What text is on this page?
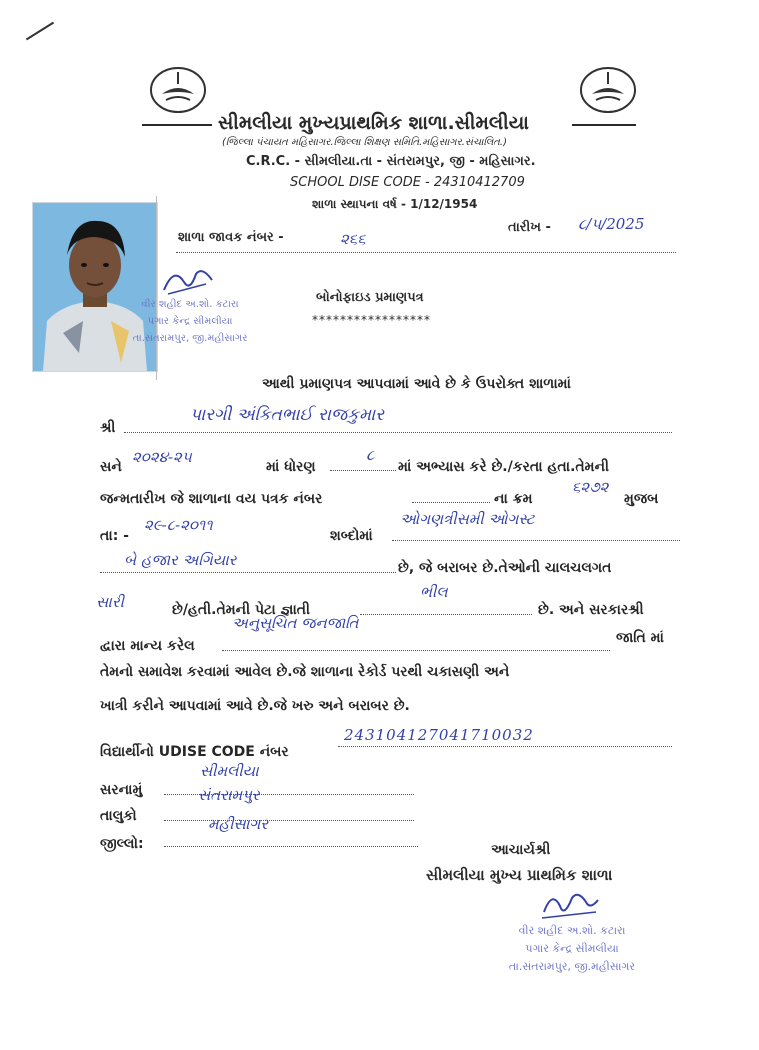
સીમલીયા મુખ્યપ્રાથમિક શાળા.સીમલીયા
(જિલ્લા પંચાયત મહિસાગર.જિલ્લા શિક્ષણ સમિતિ.મહિસાગર.સંચાલિત.)
C.R.C. - સીમલીયા.તા - સંતરામપુર, જી - મહિસાગર.
SCHOOL DISE CODE - 24310412709
શાળા સ્થાપના વર્ષ - 1/12/1954
શાળા જાવક નંબર -	૨૬૬
તારીખ - ૮/૫/2025
વીર શહીદ અ.શો. કટારા
પગાર કેન્દ્ર સીમલીયા
તા.સંતરામપુર, જી.મહીસાગર
બોનોફાઇડ પ્રમાણપત્ર
*****************
આથી પ્રમાણપત્ર આપવામાં આવે છે કે ઉપરોક્ત શાળામાં
શ્રી
પારગી અંકિતભાઈ રાજકુમાર
સને
૨૦૨૪-૨૫
માં ધોરણ
૮
માં અભ્યાસ કરે છે./કરતા હતા.તેમની
જન્મતારીખ જે શાળાના વય પત્રક નંબર	ના ક્રમ
૬૨૭૨
મુજબ
તા: -
૨૯-૮-૨૦૧૧
શબ્દોમાં
ઓગણત્રીસમી ઓગસ્ટ
બે હજાર અગિયાર	છે, જે બરાબર છે.તેઓની ચાલચલગત
સારી	છે/હતી.તેમની પેટા જ્ઞાતી
ભીલ
છે. અને સરકારશ્રી
દ્વારા માન્ય કરેલ
અનુસૂચિત જનજાતિ
જાતિ માં
તેમનો સમાવેશ કરવામાં આવેલ છે.જે શાળાના રેકોર્ડ પરથી ચકાસણી અને
ખાત્રી કરીને આપવામાં આવે છે.જે ખરુ અને બરાબર છે.
વિદ્યાર્થીનો UDISE CODE નંબર
243104127041710032
સરનામું
સીમલીયા
તાલુકો
સંતરામપુર
જીલ્લો:
મહીસાગર
આચાર્યશ્રી
સીમલીયા મુખ્ય પ્રાથમિક શાળા
વીર શહીદ અ.શો. કટારા
પગાર કેન્દ્ર સીમલીયા
તા.સંતરામપુર, જી.મહીસાગર
